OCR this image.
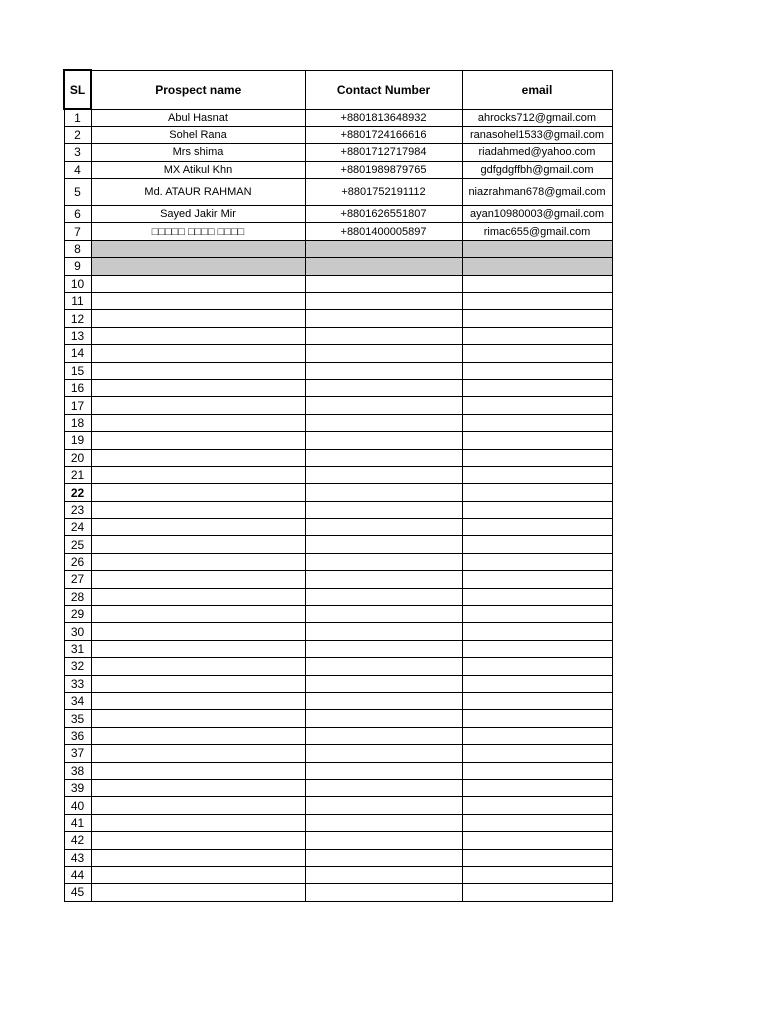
SL	Prospect name	Contact Number	email
1	Abul Hasnat	+8801813648932	ahrocks712@gmail.com
2	Sohel Rana	+8801724166616	ranasohel1533@gmail.com
3	Mrs shima	+8801712717984	riadahmed@yahoo.com
4	MX Atikul Khn	+8801989879765	gdfgdgffbh@gmail.com
5	Md. ATAUR RAHMAN	+8801752191112	niazrahman678@gmail.com
6	Sayed Jakir Mir	+8801626551807	ayan10980003@gmail.com
7	□□□□□ □□□□ □□□□	+8801400005897	rimac655@gmail.com
8			
9			
10			
11			
12			
13			
14			
15			
16			
17			
18			
19			
20			
21			
22			
23			
24			
25			
26			
27			
28			
29			
30			
31			
32			
33			
34			
35			
36			
37			
38			
39			
40			
41			
42			
43			
44			
45			
